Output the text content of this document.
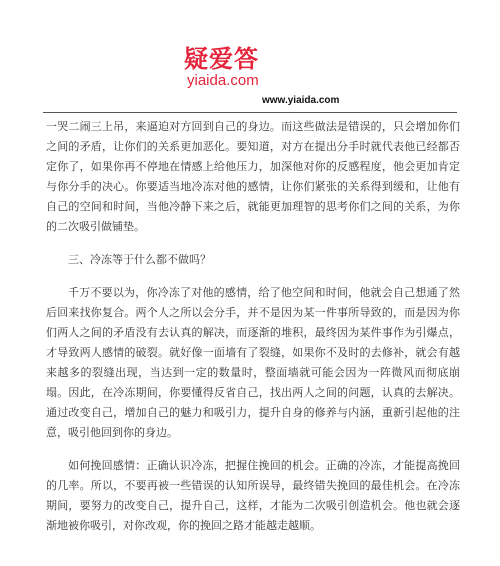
疑爱答
yiaida.com
www.yiaida.com

一哭二闹三上吊，来逼迫对方回到自己的身边。而这些做法是错误的，只会增加你们之间的矛盾，让你们的关系更加恶化。要知道，对方在提出分手时就代表他已经都否定你了，如果你再不停地在情感上给他压力，加深他对你的反感程度，他会更加肯定与你分手的决心。你要适当地冷冻对他的感情，让你们紧张的关系得到缓和，让他有自己的空间和时间，当他冷静下来之后，就能更加理智的思考你们之间的关系，为你的二次吸引做铺垫。

三、冷冻等于什么都不做吗？

千万不要以为，你冷冻了对他的感情，给了他空间和时间，他就会自己想通了然后回来找你复合。两个人之所以会分手，并不是因为某一件事所导致的，而是因为你们两人之间的矛盾没有去认真的解决，而逐渐的堆积，最终因为某件事作为引爆点，才导致两人感情的破裂。就好像一面墙有了裂缝，如果你不及时的去修补，就会有越来越多的裂缝出现，当达到一定的数量时，整面墙就可能会因为一阵微风而彻底崩塌。因此，在冷冻期间，你要懂得反省自己，找出两人之间的问题，认真的去解决。通过改变自己，增加自己的魅力和吸引力，提升自身的修养与内涵，重新引起他的注意，吸引他回到你的身边。

如何挽回感情：正确认识冷冻，把握住挽回的机会。正确的冷冻，才能提高挽回的几率。所以，不要再被一些错误的认知所误导，最终错失挽回的最佳机会。在冷冻期间，要努力的改变自己，提升自己，这样，才能为二次吸引创造机会。他也就会逐渐地被你吸引，对你改观，你的挽回之路才能越走越顺。
